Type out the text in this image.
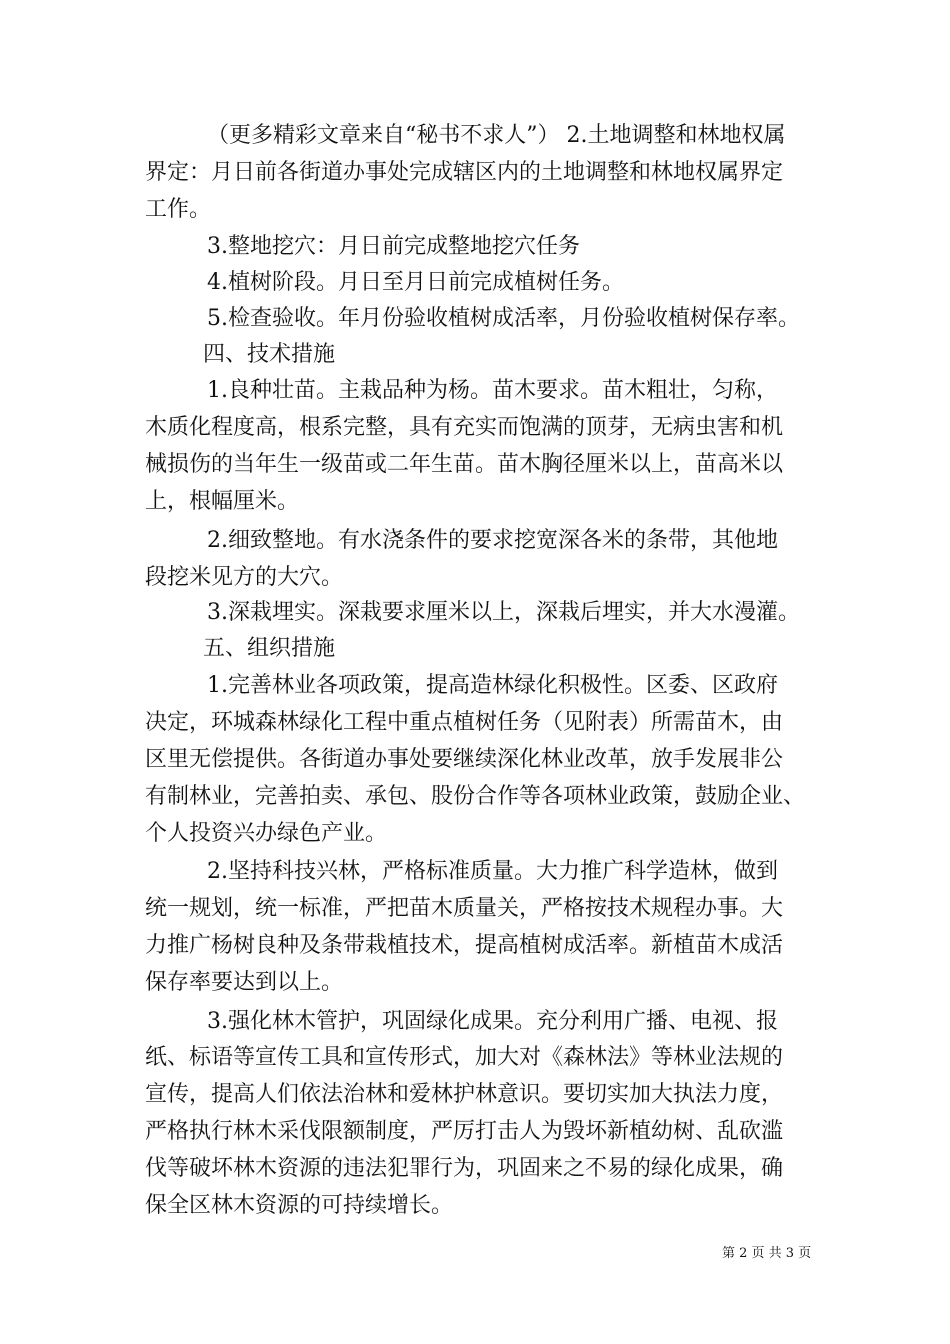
（更多精彩文章来自“秘书不求人”） 2.土地调整和林地权属
界定：月日前各街道办事处完成辖区内的土地调整和林地权属界定
工作。
3.整地挖穴：月日前完成整地挖穴任务
4.植树阶段。月日至月日前完成植树任务。
5.检查验收。年月份验收植树成活率，月份验收植树保存率。
四、技术措施
1.良种壮苗。主栽品种为杨。苗木要求。苗木粗壮，匀称，
木质化程度高，根系完整，具有充实而饱满的顶芽，无病虫害和机
械损伤的当年生一级苗或二年生苗。苗木胸径厘米以上，苗高米以
上，根幅厘米。
2.细致整地。有水浇条件的要求挖宽深各米的条带，其他地
段挖米见方的大穴。
3.深栽埋实。深栽要求厘米以上，深栽后埋实，并大水漫灌。
五、组织措施
1.完善林业各项政策，提高造林绿化积极性。区委、区政府
决定，环城森林绿化工程中重点植树任务（见附表）所需苗木，由
区里无偿提供。各街道办事处要继续深化林业改革，放手发展非公
有制林业，完善拍卖、承包、股份合作等各项林业政策，鼓励企业、
个人投资兴办绿色产业。
2.坚持科技兴林，严格标准质量。大力推广科学造林，做到
统一规划，统一标准，严把苗木质量关，严格按技术规程办事。大
力推广杨树良种及条带栽植技术，提高植树成活率。新植苗木成活
保存率要达到以上。
3.强化林木管护，巩固绿化成果。充分利用广播、电视、报
纸、标语等宣传工具和宣传形式，加大对《森林法》等林业法规的
宣传，提高人们依法治林和爱林护林意识。要切实加大执法力度，
严格执行林木采伐限额制度，严厉打击人为毁坏新植幼树、乱砍滥
伐等破坏林木资源的违法犯罪行为，巩固来之不易的绿化成果，确
保全区林木资源的可持续增长。
第 2 页 共 3 页
